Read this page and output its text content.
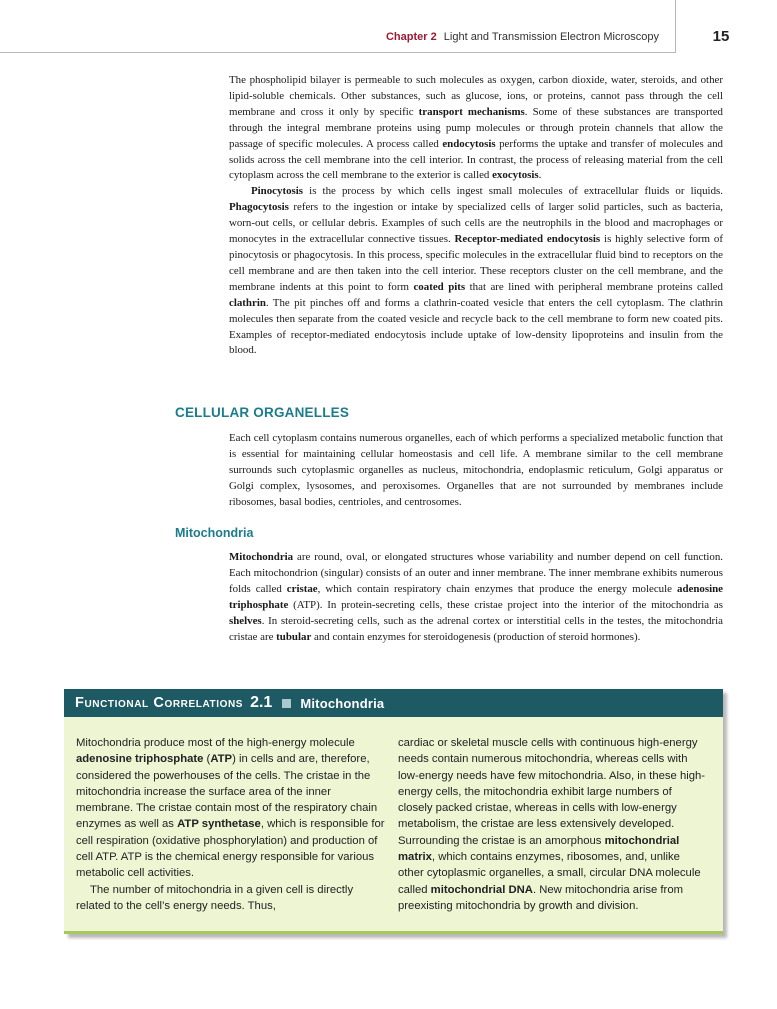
Chapter 2 Light and Transmission Electron Microscopy	15

The phospholipid bilayer is permeable to such molecules as oxygen, carbon dioxide, water, steroids, and other lipid-soluble chemicals. Other substances, such as glucose, ions, or proteins, cannot pass through the cell membrane and cross it only by specific transport mechanisms. Some of these substances are transported through the integral membrane proteins using pump molecules or through protein channels that allow the passage of specific molecules. A process called endocytosis performs the uptake and transfer of molecules and solids across the cell membrane into the cell interior. In contrast, the process of releasing material from the cell cytoplasm across the cell membrane to the exterior is called exocytosis.

Pinocytosis is the process by which cells ingest small molecules of extracellular fluids or liquids. Phagocytosis refers to the ingestion or intake by specialized cells of larger solid particles, such as bacteria, worn-out cells, or cellular debris. Examples of such cells are the neutrophils in the blood and macrophages or monocytes in the extracellular connective tissues. Receptor-mediated endocytosis is highly selective form of pinocytosis or phagocytosis. In this process, specific molecules in the extracellular fluid bind to receptors on the cell membrane and are then taken into the cell interior. These receptors cluster on the cell membrane, and the membrane indents at this point to form coated pits that are lined with peripheral membrane proteins called clathrin. The pit pinches off and forms a clathrin-coated vesicle that enters the cell cytoplasm. The clathrin molecules then separate from the coated vesicle and recycle back to the cell membrane to form new coated pits. Examples of receptor-mediated endocytosis include uptake of low-density lipoproteins and insulin from the blood.

CELLULAR ORGANELLES

Each cell cytoplasm contains numerous organelles, each of which performs a specialized metabolic function that is essential for maintaining cellular homeostasis and cell life. A membrane similar to the cell membrane surrounds such cytoplasmic organelles as nucleus, mitochondria, endoplasmic reticulum, Golgi apparatus or Golgi complex, lysosomes, and peroxisomes. Organelles that are not surrounded by membranes include ribosomes, basal bodies, centrioles, and centrosomes.

Mitochondria

Mitochondria are round, oval, or elongated structures whose variability and number depend on cell function. Each mitochondrion (singular) consists of an outer and inner membrane. The inner membrane exhibits numerous folds called cristae, which contain respiratory chain enzymes that produce the energy molecule adenosine triphosphate (ATP). In protein-secreting cells, these cristae project into the interior of the mitochondria as shelves. In steroid-secreting cells, such as the adrenal cortex or interstitial cells in the testes, the mitochondria cristae are tubular and contain enzymes for steroidogenesis (production of steroid hormones).

Functional Correlations 2.1 Mitochondria

Mitochondria produce most of the high-energy molecule adenosine triphosphate (ATP) in cells and are, therefore, considered the powerhouses of the cells. The cristae in the mitochondria increase the surface area of the inner membrane. The cristae contain most of the respiratory chain enzymes as well as ATP synthetase, which is responsible for cell respiration (oxidative phosphorylation) and production of cell ATP. ATP is the chemical energy responsible for various metabolic cell activities.

The number of mitochondria in a given cell is directly related to the cell’s energy needs. Thus,

cardiac or skeletal muscle cells with continuous high-energy needs contain numerous mitochondria, whereas cells with low-energy needs have few mitochondria. Also, in these high-energy cells, the mitochondria exhibit large numbers of closely packed cristae, whereas in cells with low-energy metabolism, the cristae are less extensively developed. Surrounding the cristae is an amorphous mitochondrial matrix, which contains enzymes, ribosomes, and, unlike other cytoplasmic organelles, a small, circular DNA molecule called mitochondrial DNA. New mitochondria arise from preexisting mitochondria by growth and division.
